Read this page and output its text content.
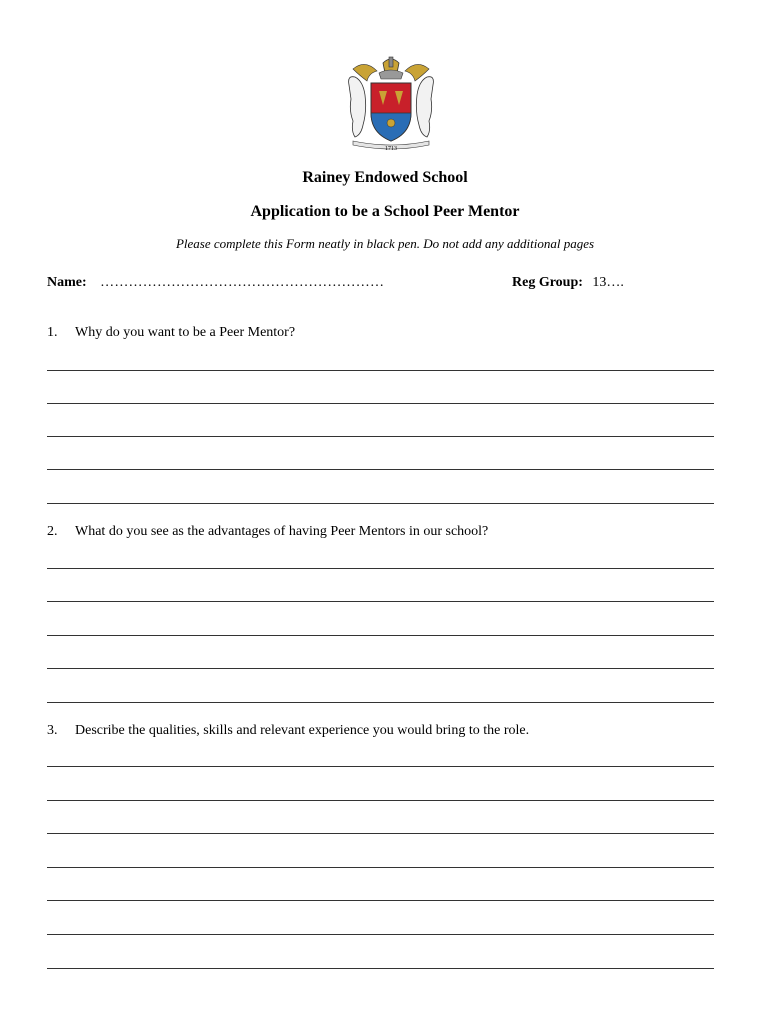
1713
Rainey Endowed School
Application to be a School Peer Mentor
Please complete this Form neatly in black pen. Do not add any additional pages
Name: ……………………………………………………	Reg Group: 13….
1.	Why do you want to be a Peer Mentor?
2.	What do you see as the advantages of having Peer Mentors in our school?
3.	Describe the qualities, skills and relevant experience you would bring to the role.
